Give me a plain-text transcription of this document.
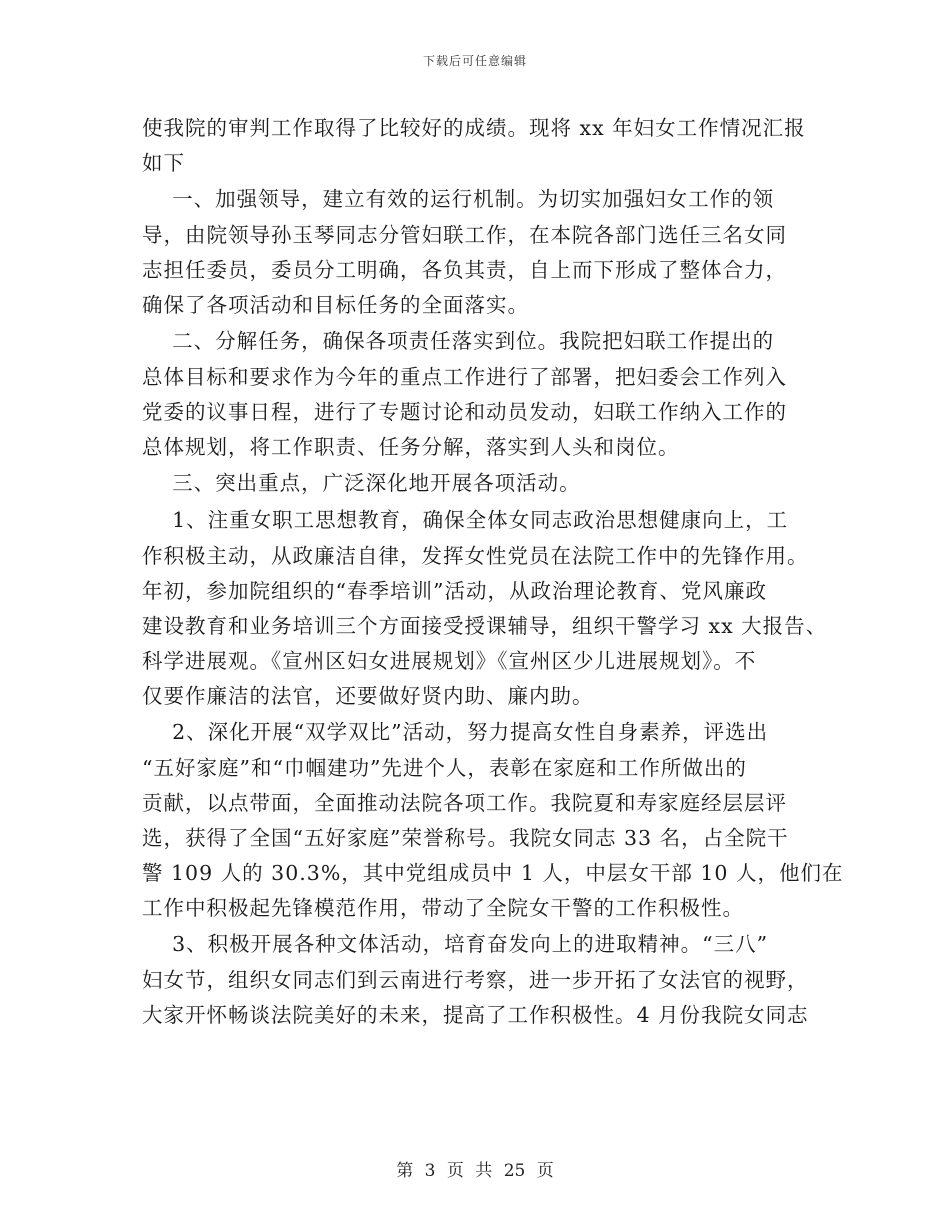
下载后可任意编辑
使我院的审判工作取得了比较好的成绩。现将 xx 年妇女工作情况汇报
如下
一、加强领导，建立有效的运行机制。为切实加强妇女工作的领
导，由院领导孙玉琴同志分管妇联工作，在本院各部门选任三名女同
志担任委员，委员分工明确，各负其责，自上而下形成了整体合力，
确保了各项活动和目标任务的全面落实。
二、分解任务，确保各项责任落实到位。我院把妇联工作提出的
总体目标和要求作为今年的重点工作进行了部署，把妇委会工作列入
党委的议事日程，进行了专题讨论和动员发动，妇联工作纳入工作的
总体规划，将工作职责、任务分解，落实到人头和岗位。
三、突出重点，广泛深化地开展各项活动。
1、注重女职工思想教育，确保全体女同志政治思想健康向上，工
作积极主动，从政廉洁自律，发挥女性党员在法院工作中的先锋作用。
年初，参加院组织的“春季培训”活动，从政治理论教育、党风廉政
建设教育和业务培训三个方面接受授课辅导，组织干警学习 xx 大报告、
科学进展观。《宣州区妇女进展规划》《宣州区少儿进展规划》。不
仅要作廉洁的法官，还要做好贤内助、廉内助。
2、深化开展“双学双比”活动，努力提高女性自身素养，评选出
“五好家庭”和“巾帼建功”先进个人，表彰在家庭和工作所做出的
贡献，以点带面，全面推动法院各项工作。我院夏和寿家庭经层层评
选，获得了全国“五好家庭”荣誉称号。我院女同志 33 名，占全院干
警 109 人的 30.3%，其中党组成员中 1 人，中层女干部 10 人，他们在
工作中积极起先锋模范作用，带动了全院女干警的工作积极性。
3、积极开展各种文体活动，培育奋发向上的进取精神。“三八”
妇女节，组织女同志们到云南进行考察，进一步开拓了女法官的视野，
大家开怀畅谈法院美好的未来，提高了工作积极性。4 月份我院女同志
第 3 页 共 25 页
